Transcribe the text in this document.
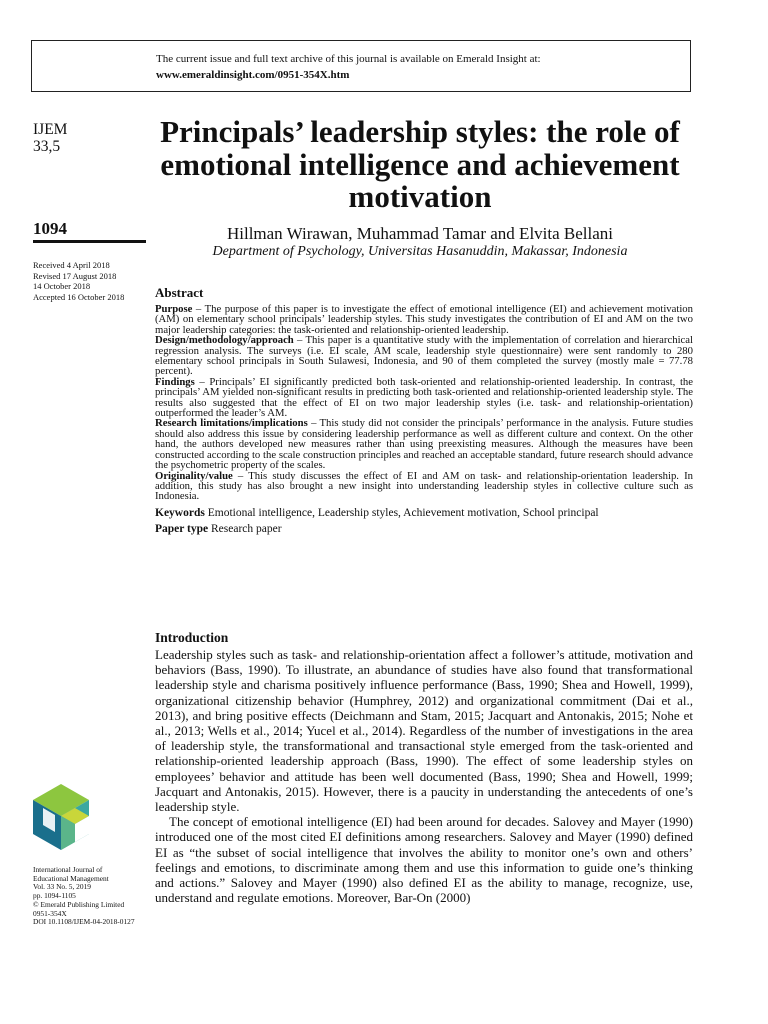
The current issue and full text archive of this journal is available on Emerald Insight at:
www.emeraldinsight.com/0951-354X.htm
IJEM
33,5
1094
Received 4 April 2018
Revised 17 August 2018
14 October 2018
Accepted 16 October 2018
Principals’ leadership styles: the role of emotional intelligence and achievement motivation
Hillman Wirawan, Muhammad Tamar and Elvita Bellani
Department of Psychology, Universitas Hasanuddin, Makassar, Indonesia
Abstract

Purpose – The purpose of this paper is to investigate the effect of emotional intelligence (EI) and achievement motivation (AM) on elementary school principals’ leadership styles. This study investigates the contribution of EI and AM on the two major leadership categories: the task-oriented and relationship-oriented leadership.

Design/methodology/approach – This paper is a quantitative study with the implementation of correlation and hierarchical regression analysis. The surveys (i.e. EI scale, AM scale, leadership style questionnaire) were sent randomly to 280 elementary school principals in South Sulawesi, Indonesia, and 90 of them completed the survey (mostly male = 77.78 percent).

Findings – Principals’ EI significantly predicted both task-oriented and relationship-oriented leadership. In contrast, the principals’ AM yielded non-significant results in predicting both task-oriented and relationship-oriented leadership style. The results also suggested that the effect of EI on two major leadership styles (i.e. task- and relationship-orientation) outperformed the leader’s AM.

Research limitations/implications – This study did not consider the principals’ performance in the analysis. Future studies should also address this issue by considering leadership performance as well as different culture and context. On the other hand, the authors developed new measures rather than using preexisting measures. Although the measures have been constructed according to the scale construction principles and reached an acceptable standard, future research should advance the psychometric property of the scales.

Originality/value – This study discusses the effect of EI and AM on task- and relationship-orientation leadership. In addition, this study has also brought a new insight into understanding leadership styles in collective culture such as Indonesia.

Keywords Emotional intelligence, Leadership styles, Achievement motivation, School principal
Paper type Research paper
Introduction

Leadership styles such as task- and relationship-orientation affect a follower’s attitude, motivation and behaviors (Bass, 1990). To illustrate, an abundance of studies have also found that transformational leadership style and charisma positively influence performance (Bass, 1990; Shea and Howell, 1999), organizational citizenship behavior (Humphrey, 2012) and organizational commitment (Dai et al., 2013), and bring positive effects (Deichmann and Stam, 2015; Jacquart and Antonakis, 2015; Nohe et al., 2013; Wells et al., 2014; Yucel et al., 2014). Regardless of the number of investigations in the area of leadership style, the transformational and transactional style emerged from the task-oriented and relationship-oriented leadership approach (Bass, 1990). The effect of some leadership styles on employees’ behavior and attitude has been well documented (Bass, 1990; Shea and Howell, 1999; Jacquart and Antonakis, 2015). However, there is a paucity in understanding the antecedents of one’s leadership style.

The concept of emotional intelligence (EI) had been around for decades. Salovey and Mayer (1990) introduced one of the most cited EI definitions among researchers. Salovey and Mayer (1990) defined EI as “the subset of social intelligence that involves the ability to monitor one’s own and others’ feelings and emotions, to discriminate among them and use this information to guide one’s thinking and actions.” Salovey and Mayer (1990) also defined EI as the ability to manage, recognize, use, understand and regulate emotions. Moreover, Bar-On (2000)

International Journal of
Educational Management
Vol. 33 No. 5, 2019
pp. 1094-1105
© Emerald Publishing Limited
0951-354X
DOI 10.1108/IJEM-04-2018-0127
